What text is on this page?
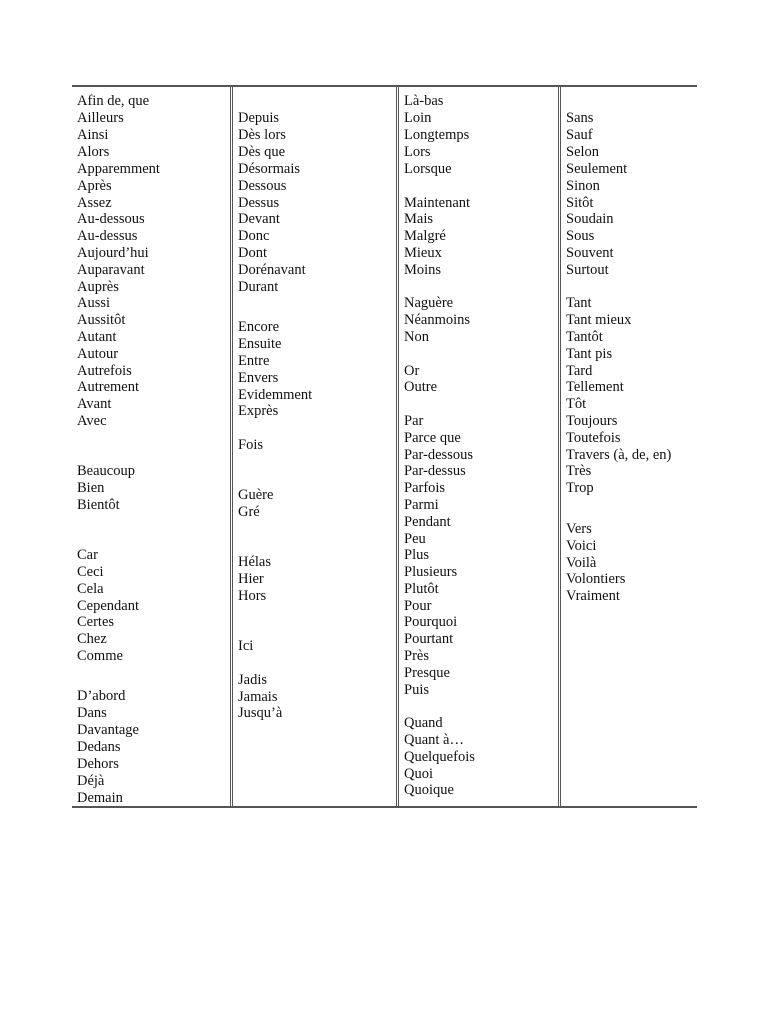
Afin de, que
Ailleurs
Ainsi
Alors
Apparemment
Après
Assez
Au-dessous
Au-dessus
Aujourd’hui
Auparavant
Auprès
Aussi
Aussitôt
Autant
Autour
Autrefois
Autrement
Avant
Avec
Beaucoup
Bien
Bientôt
Car
Ceci
Cela
Cependant
Certes
Chez
Comme
D’abord
Dans
Davantage
Dedans
Dehors
Déjà
Demain
Depuis
Dès lors
Dès que
Désormais
Dessous
Dessus
Devant
Donc
Dont
Dorénavant
Durant
Encore
Ensuite
Entre
Envers
Evidemment
Exprès
Fois
Guère
Gré
Hélas
Hier
Hors
Ici
Jadis
Jamais
Jusqu’à
Là-bas
Loin
Longtemps
Lors
Lorsque
Maintenant
Mais
Malgré
Mieux
Moins
Naguère
Néanmoins
Non
Or
Outre
Par
Parce que
Par-dessous
Par-dessus
Parfois
Parmi
Pendant
Peu
Plus
Plusieurs
Plutôt
Pour
Pourquoi
Pourtant
Près
Presque
Puis
Quand
Quant à…
Quelquefois
Quoi
Quoique
Sans
Sauf
Selon
Seulement
Sinon
Sitôt
Soudain
Sous
Souvent
Surtout
Tant
Tant mieux
Tantôt
Tant pis
Tard
Tellement
Tôt
Toujours
Toutefois
Travers (à, de, en)
Très
Trop
Vers
Voici
Voilà
Volontiers
Vraiment
